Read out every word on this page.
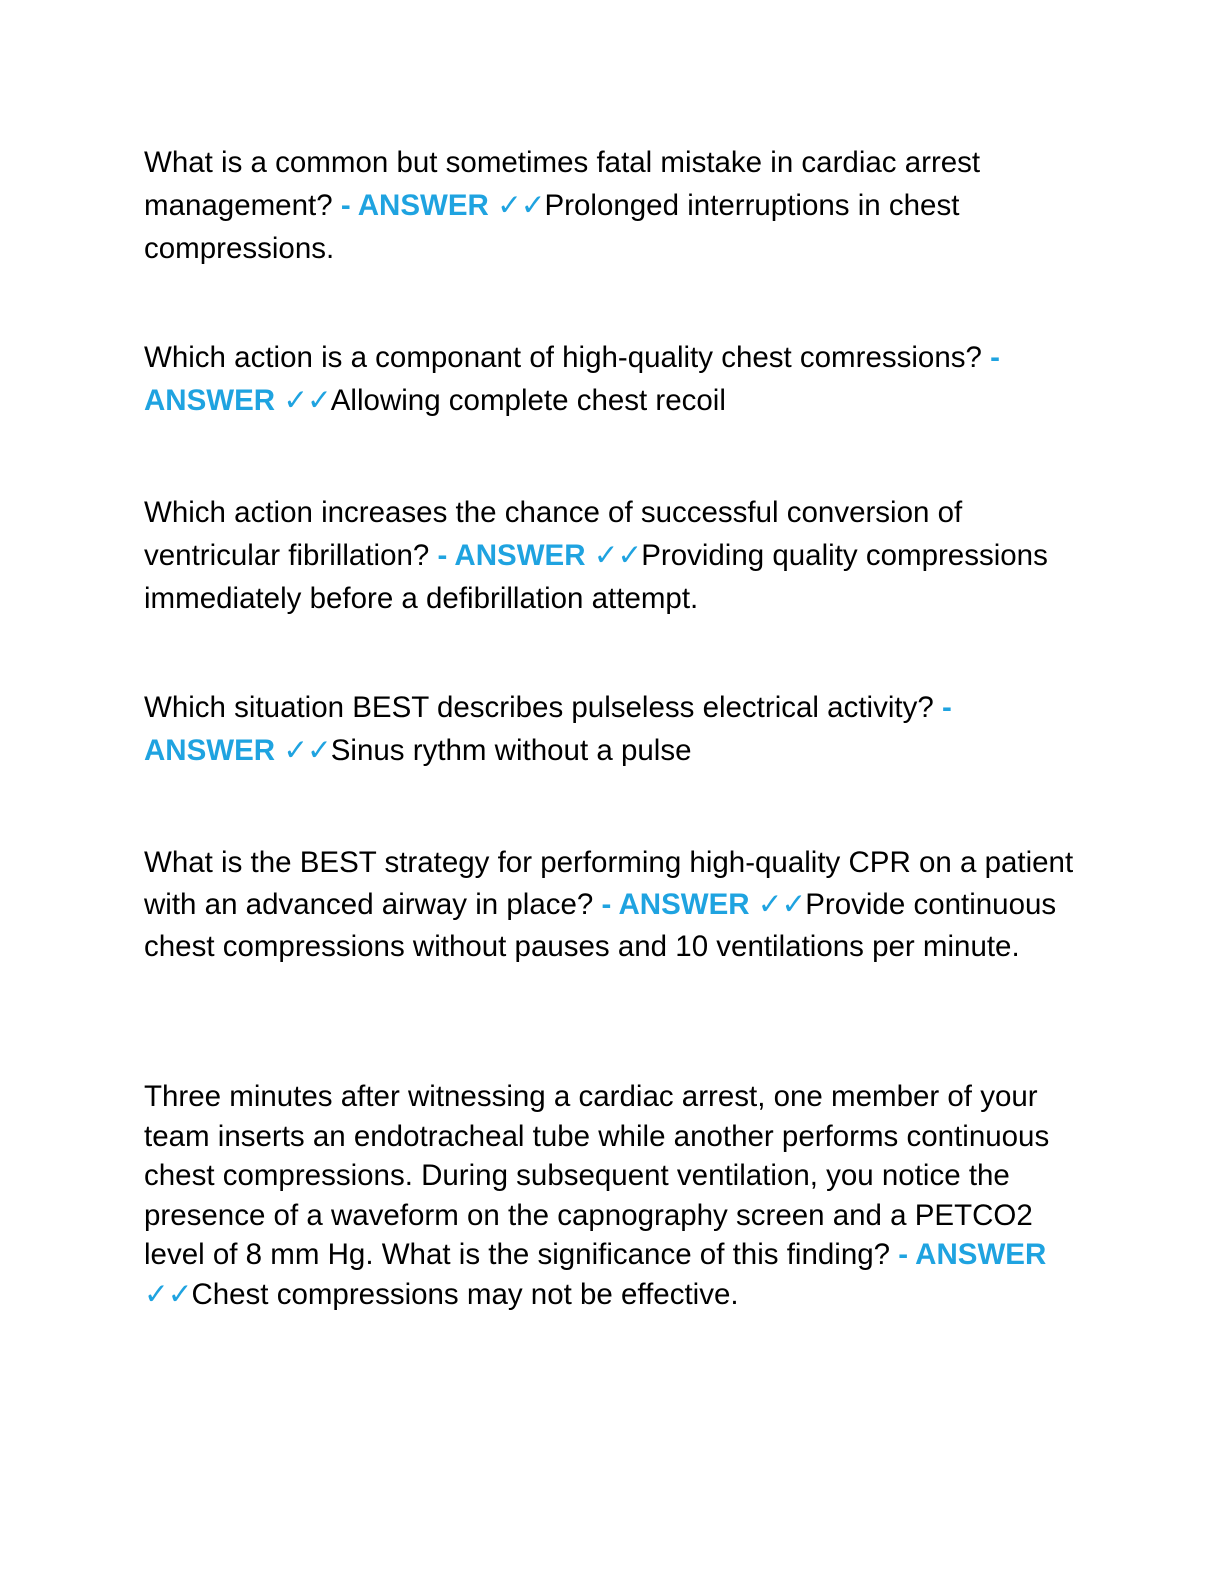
What is a common but sometimes fatal mistake in cardiac arrest management? - ANSWER ✓✓Prolonged interruptions in chest compressions.

Which action is a componant of high-quality chest comressions? - ANSWER ✓✓Allowing complete chest recoil

Which action increases the chance of successful conversion of ventricular fibrillation? - ANSWER ✓✓Providing quality compressions immediately before a defibrillation attempt.

Which situation BEST describes pulseless electrical activity? - ANSWER ✓✓Sinus rythm without a pulse

What is the BEST strategy for performing high-quality CPR on a patient with an advanced airway in place? - ANSWER ✓✓Provide continuous chest compressions without pauses and 10 ventilations per minute.

Three minutes after witnessing a cardiac arrest, one member of your team inserts an endotracheal tube while another performs continuous chest compressions. During subsequent ventilation, you notice the presence of a waveform on the capnography screen and a PETCO2 level of 8 mm Hg. What is the significance of this finding? - ANSWER ✓✓Chest compressions may not be effective.
